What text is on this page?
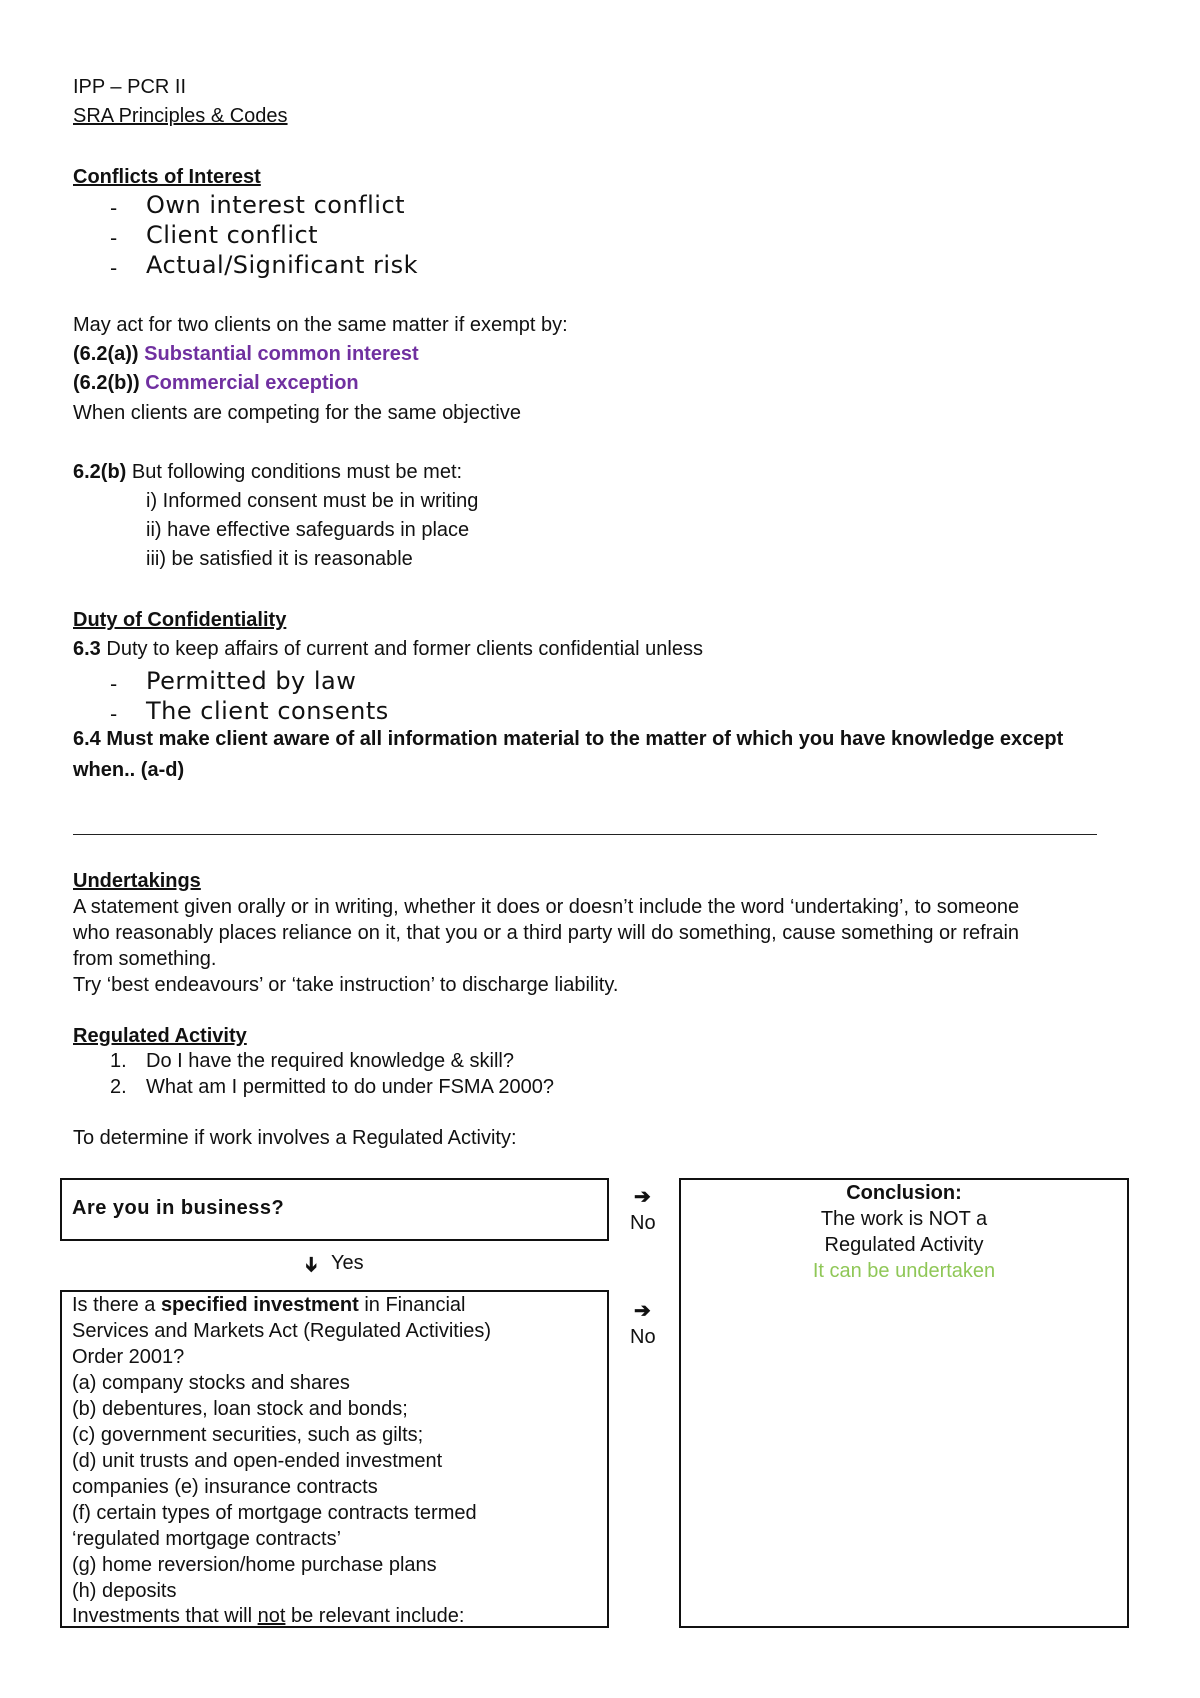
IPP – PCR II
SRA Principles & Codes
Conflicts of Interest
- Own interest conflict
- Client conflict
- Actual/Significant risk
May act for two clients on the same matter if exempt by:
(6.2(a)) Substantial common interest
(6.2(b)) Commercial exception
When clients are competing for the same objective
6.2(b) But following conditions must be met:
i) Informed consent must be in writing
ii) have effective safeguards in place
iii) be satisfied it is reasonable
Duty of Confidentiality
6.3 Duty to keep affairs of current and former clients confidential unless
- Permitted by law
- The client consents
6.4 Must make client aware of all information material to the matter of which you have knowledge except
when.. (a-d)
Undertakings
A statement given orally or in writing, whether it does or doesn’t include the word ‘undertaking’, to someone
who reasonably places reliance on it, that you or a third party will do something, cause something or refrain
from something.
Try ‘best endeavours’ or ‘take instruction’ to discharge liability.
Regulated Activity
1. Do I have the required knowledge & skill?
2. What am I permitted to do under FSMA 2000?
To determine if work involves a Regulated Activity:
Are you in business?	➔
No
➔ Yes
Conclusion:
The work is NOT a
Regulated Activity
It can be undertaken
Is there a specified investment in Financial
Services and Markets Act (Regulated Activities)
Order 2001?
(a) company stocks and shares
(b) debentures, loan stock and bonds;
(c) government securities, such as gilts;
(d) unit trusts and open-ended investment
companies (e) insurance contracts
(f) certain types of mortgage contracts termed
‘regulated mortgage contracts’
(g) home reversion/home purchase plans
(h) deposits
Investments that will not be relevant include:
➔
No
